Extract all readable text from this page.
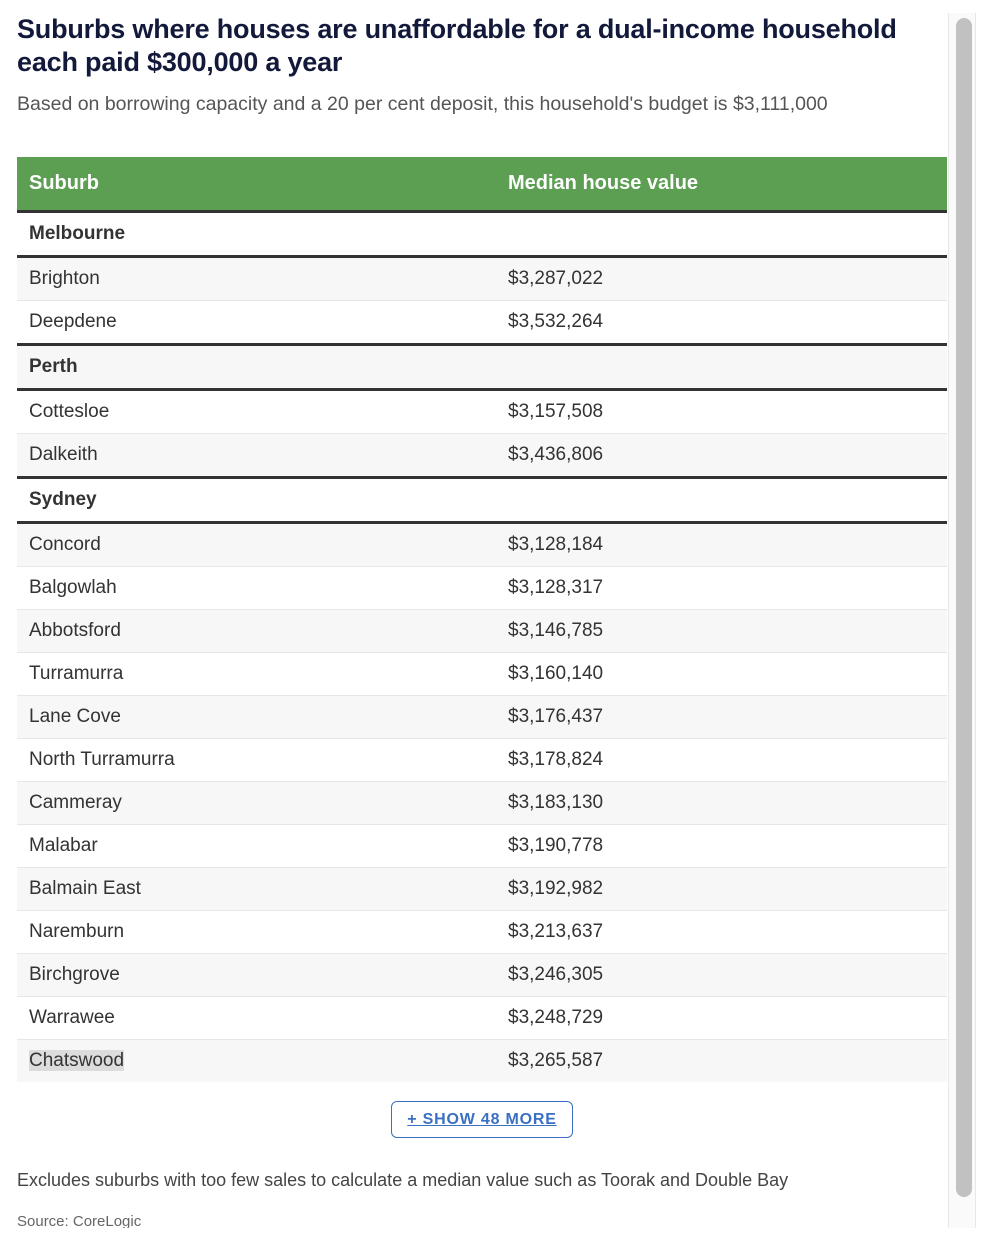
Suburbs where houses are unaffordable for a dual-income household each paid $300,000 a year

Based on borrowing capacity and a 20 per cent deposit, this household's budget is $3,111,000

Suburb	Median house value
Melbourne	
Brighton	$3,287,022
Deepdene	$3,532,264
Perth	
Cottesloe	$3,157,508
Dalkeith	$3,436,806
Sydney	
Concord	$3,128,184
Balgowlah	$3,128,317
Abbotsford	$3,146,785
Turramurra	$3,160,140
Lane Cove	$3,176,437
North Turramurra	$3,178,824
Cammeray	$3,183,130
Malabar	$3,190,778
Balmain East	$3,192,982
Naremburn	$3,213,637
Birchgrove	$3,246,305
Warrawee	$3,248,729
Chatswood	$3,265,587
+ SHOW 48 MORE
Excludes suburbs with too few sales to calculate a median value such as Toorak and Double Bay
Source: CoreLogic
